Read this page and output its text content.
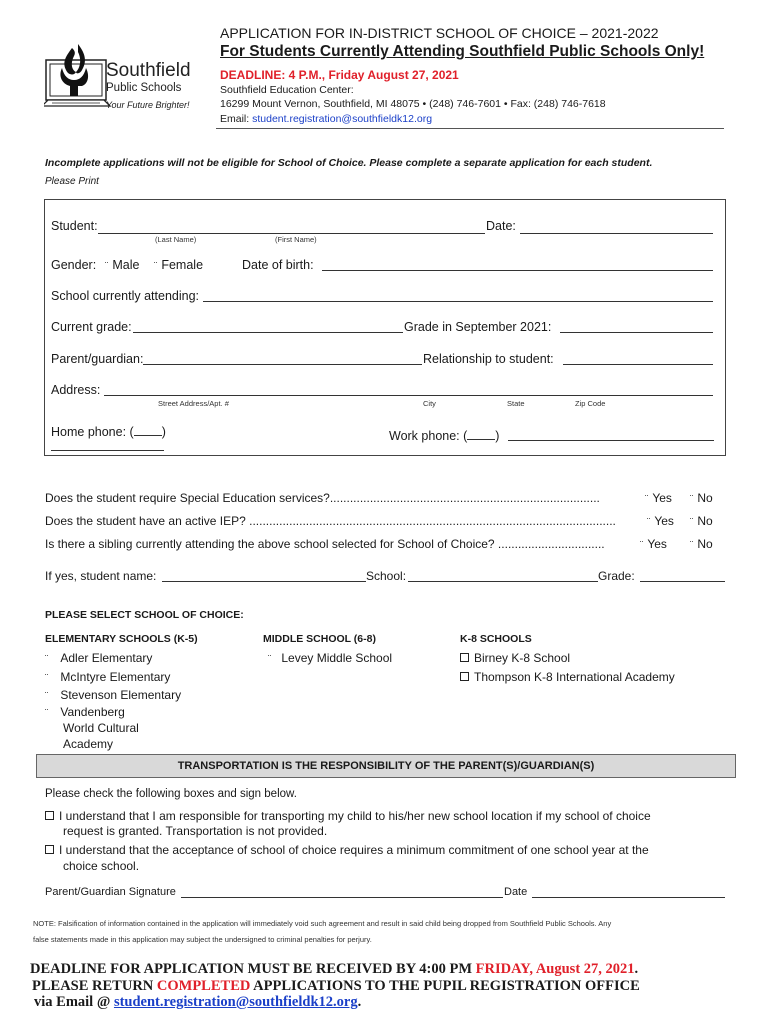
Southfield
Public Schools
Your Future Brighter!
APPLICATION FOR IN-DISTRICT SCHOOL OF CHOICE – 2021-2022
For Students Currently Attending Southfield Public Schools Only!
DEADLINE: 4 P.M., Friday August 27, 2021
Southfield Education Center:
16299 Mount Vernon, Southfield, MI 48075 • (248) 746-7601 • Fax: (248) 746-7618
Email: student.registration@southfieldk12.org
Incomplete applications will not be eligible for School of Choice. Please complete a separate application for each student.
Please Print
Student:
(Last Name)	(First Name)
Date:
Gender: ¨ Male ¨ Female	Date of birth:
School currently attending:
Current grade:	Grade in September 2021:
Parent/guardian:	Relationship to student:
Address:
Street Address/Apt. #	City	State	Zip Code
Home phone: ( )	Work phone: ( )
Does the student require Special Education services?.................................................................................	¨ Yes ¨ No
Does the student have an active IEP? ..............................................................................................................	¨ Yes ¨ No
Is there a sibling currently attending the above school selected for School of Choice? ................................	¨ Yes ¨ No
If yes, student name:	School:	Grade:
PLEASE SELECT SCHOOL OF CHOICE:
ELEMENTARY SCHOOLS (K-5)
¨ Adler Elementary
¨ McIntyre Elementary
¨ Stevenson Elementary
¨ Vandenberg
World Cultural
Academy
MIDDLE SCHOOL (6-8)
¨ Levey Middle School
K-8 SCHOOLS
Birney K-8 School
Thompson K-8 International Academy
TRANSPORTATION IS THE RESPONSIBILITY OF THE PARENT(S)/GUARDIAN(S)
Please check the following boxes and sign below.
I understand that I am responsible for transporting my child to his/her new school location if my school of choice
request is granted. Transportation is not provided.
I understand that the acceptance of school of choice requires a minimum commitment of one school year at the
choice school.
Parent/Guardian Signature	Date
NOTE: Falsification of information contained in the application will immediately void such agreement and result in said child being dropped from Southfield Public Schools. Any
false statements made in this application may subject the undersigned to criminal penalties for perjury.
DEADLINE FOR APPLICATION MUST BE RECEIVED BY 4:00 PM FRIDAY, August 27, 2021.
PLEASE RETURN COMPLETED APPLICATIONS TO THE PUPIL REGISTRATION OFFICE
via Email @ student.registration@southfieldk12.org.
